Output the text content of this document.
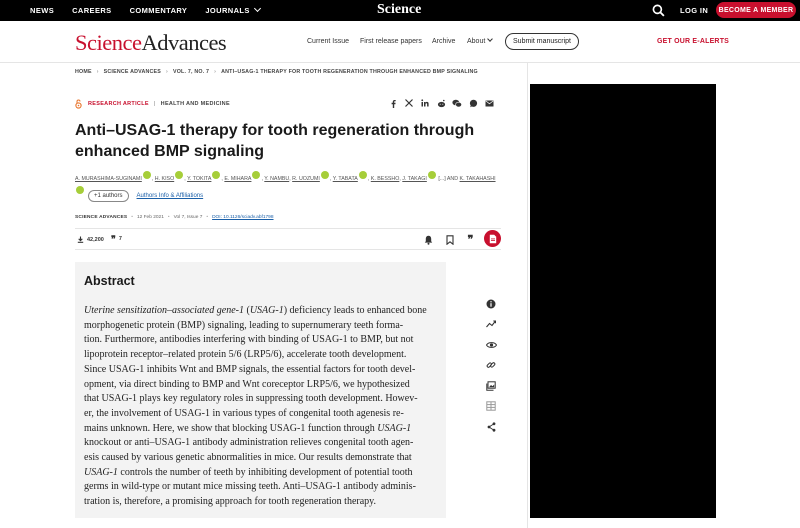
NEWS CAREERS COMMENTARY JOURNALS	Science	LOG IN	BECOME A MEMBER
ScienceAdvances	Current Issue First release papers Archive About	Submit manuscript	GET OUR E-ALERTS
HOME › SCIENCE ADVANCES › VOL. 7, NO. 7 › ANTI–USAG-1 THERAPY FOR TOOTH REGENERATION THROUGH ENHANCED BMP SIGNALING
RESEARCH ARTICLE | HEALTH AND MEDICINE
Anti–USAG-1 therapy for tooth regeneration through enhanced BMP signaling
A. MURASHIMA-SUGINAMI , H. KISO , Y. TOKITA , E. MIHARA , Y. NAMBU, R. UOZUMI , Y. TABATA , K. BESSHO, J. TAKAGI [...] AND K. TAKAHASHI

+1 authors	Authors Info & Affiliations
SCIENCE ADVANCES • 12 Feb 2021 • Vol 7, Issue 7 • DOI: 10.1126/sciadv.abf1798
42,200 ❞ 7	❞
Abstract
Uterine sensitization–associated gene-1 (USAG-1) deficiency leads to enhanced bone
morphogenetic protein (BMP) signaling, leading to supernumerary teeth forma-
tion. Furthermore, antibodies interfering with binding of USAG-1 to BMP, but not
lipoprotein receptor–related protein 5/6 (LRP5/6), accelerate tooth development.
Since USAG-1 inhibits Wnt and BMP signals, the essential factors for tooth devel-
opment, via direct binding to BMP and Wnt coreceptor LRP5/6, we hypothesized
that USAG-1 plays key regulatory roles in suppressing tooth development. Howev-
er, the involvement of USAG-1 in various types of congenital tooth agenesis re-
mains unknown. Here, we show that blocking USAG-1 function through USAG-1
knockout or anti–USAG-1 antibody administration relieves congenital tooth agen-
esis caused by various genetic abnormalities in mice. Our results demonstrate that
USAG-1 controls the number of teeth by inhibiting development of potential tooth
germs in wild-type or mutant mice missing teeth. Anti–USAG-1 antibody adminis-
tration is, therefore, a promising approach for tooth regeneration therapy.
